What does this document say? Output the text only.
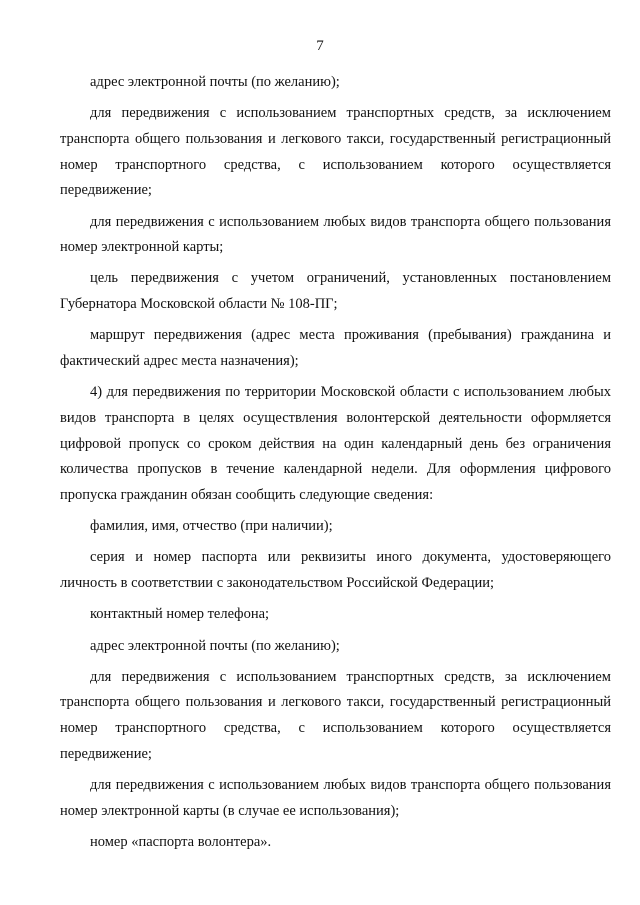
7

адрес электронной почты (по желанию);

для передвижения с использованием транспортных средств, за исключением транспорта общего пользования и легкового такси, государственный регистрационный номер транспортного средства, с использованием которого осуществляется передвижение;

для передвижения с использованием любых видов транспорта общего пользования номер электронной карты;

цель передвижения с учетом ограничений, установленных постановлением Губернатора Московской области № 108-ПГ;

маршрут передвижения (адрес места проживания (пребывания) гражданина и фактический адрес места назначения);

4) для передвижения по территории Московской области с использованием любых видов транспорта в целях осуществления волонтерской деятельности оформляется цифровой пропуск со сроком действия на один календарный день без ограничения количества пропусков в течение календарной недели. Для оформления цифрового пропуска гражданин обязан сообщить следующие сведения:

фамилия, имя, отчество (при наличии);

серия и номер паспорта или реквизиты иного документа, удостоверяющего личность в соответствии с законодательством Российской Федерации;

контактный номер телефона;

адрес электронной почты (по желанию);

для передвижения с использованием транспортных средств, за исключением транспорта общего пользования и легкового такси, государственный регистрационный номер транспортного средства, с использованием которого осуществляется передвижение;

для передвижения с использованием любых видов транспорта общего пользования номер электронной карты (в случае ее использования);

номер «паспорта волонтера».
